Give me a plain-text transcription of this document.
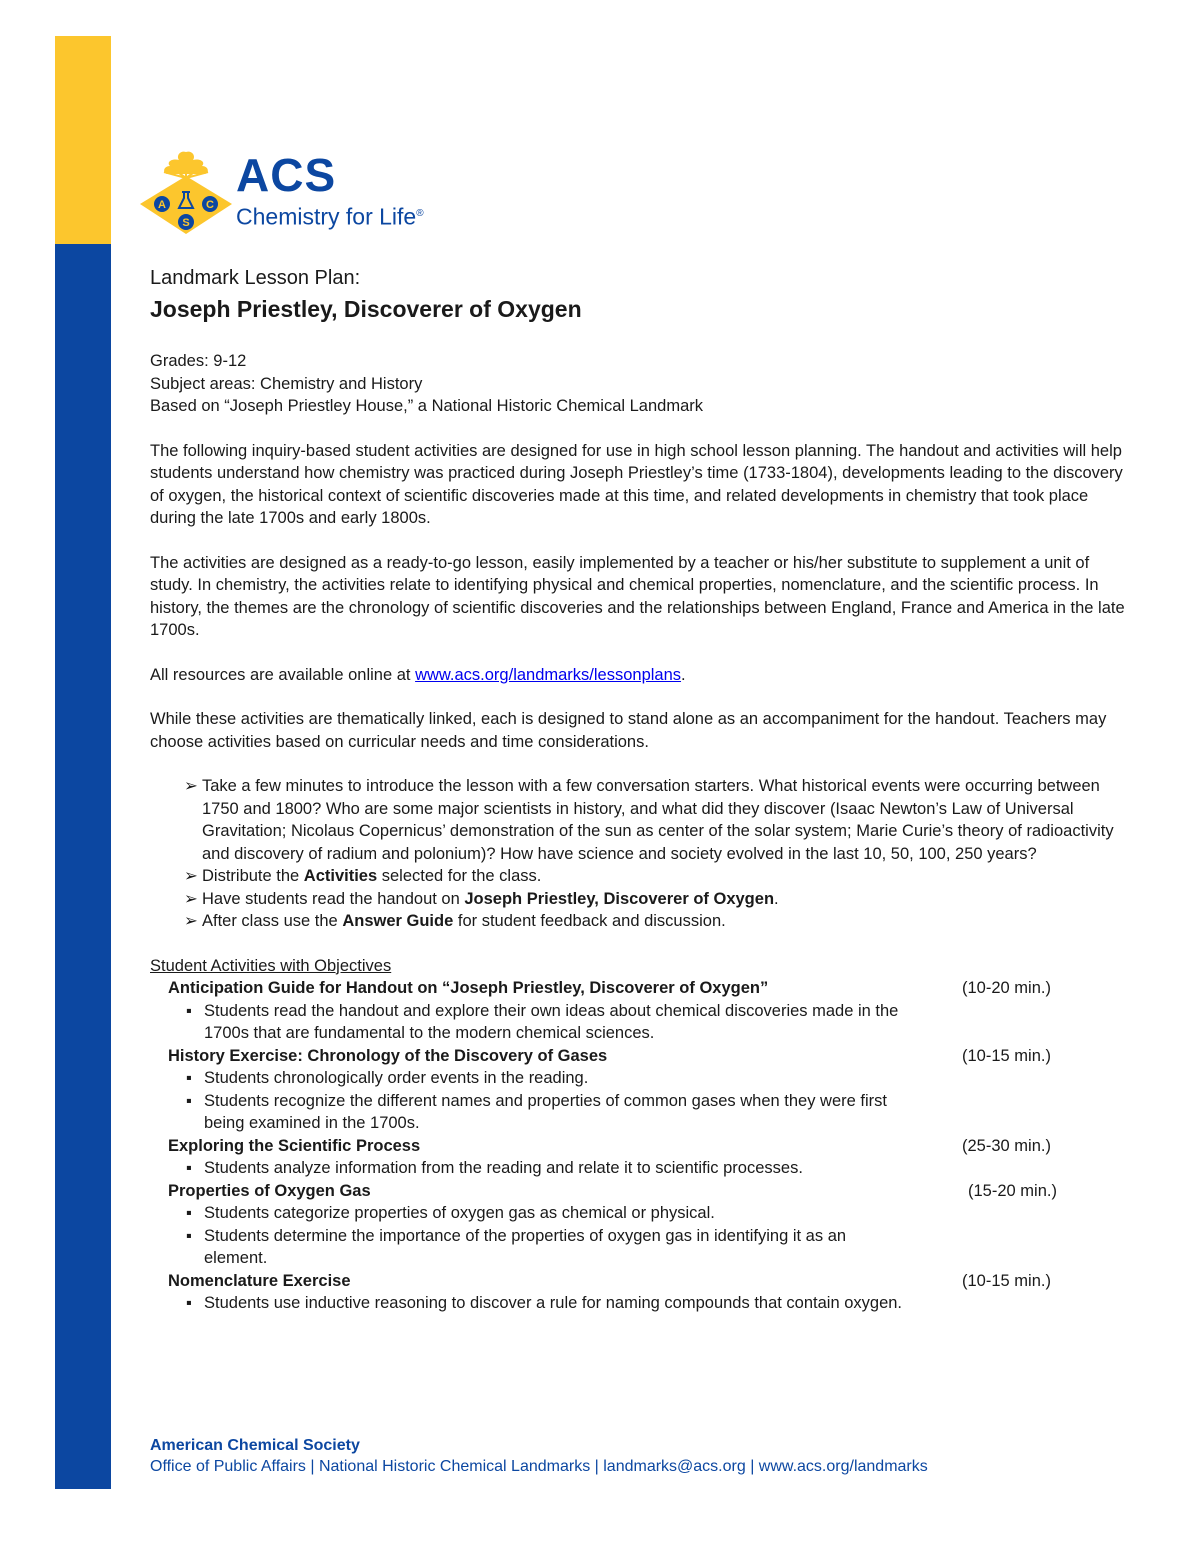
A	C
S
ACS
Chemistry for Life®

Landmark Lesson Plan:

Joseph Priestley, Discoverer of Oxygen

Grades: 9-12

Subject areas: Chemistry and History

Based on “Joseph Priestley House,” a National Historic Chemical Landmark

The following inquiry-based student activities are designed for use in high school lesson planning. The handout and activities will help students understand how chemistry was practiced during Joseph Priestley’s time (1733-1804), developments leading to the discovery of oxygen, the historical context of scientific discoveries made at this time, and related developments in chemistry that took place during the late 1700s and early 1800s.

The activities are designed as a ready-to-go lesson, easily implemented by a teacher or his/her substitute to supplement a unit of study. In chemistry, the activities relate to identifying physical and chemical properties, nomenclature, and the scientific process. In history, the themes are the chronology of scientific discoveries and the relationships between England, France and America in the late 1700s.

All resources are available online at www.acs.org/landmarks/lessonplans.

While these activities are thematically linked, each is designed to stand alone as an accompaniment for the handout. Teachers may choose activities based on curricular needs and time considerations.

➢ Take a few minutes to introduce the lesson with a few conversation starters. What historical events were occurring between 1750 and 1800? Who are some major scientists in history, and what did they discover (Isaac Newton’s Law of Universal Gravitation; Nicolaus Copernicus’ demonstration of the sun as center of the solar system; Marie Curie’s theory of radioactivity and discovery of radium and polonium)? How have science and society evolved in the last 10, 50, 100, 250 years?
➢ Distribute the Activities selected for the class.
➢ Have students read the handout on Joseph Priestley, Discoverer of Oxygen.
➢ After class use the Answer Guide for student feedback and discussion.

Student Activities with Objectives

Anticipation Guide for Handout on “Joseph Priestley, Discoverer of Oxygen”	(10-20 min.)
▪ Students read the handout and explore their own ideas about chemical discoveries made in the 1700s that are fundamental to the modern chemical sciences.
History Exercise: Chronology of the Discovery of Gases	(10-15 min.)
▪ Students chronologically order events in the reading.
▪ Students recognize the different names and properties of common gases when they were first being examined in the 1700s.
Exploring the Scientific Process	(25-30 min.)
▪ Students analyze information from the reading and relate it to scientific processes.
Properties of Oxygen Gas	(15-20 min.)
▪ Students categorize properties of oxygen gas as chemical or physical.
▪ Students determine the importance of the properties of oxygen gas in identifying it as an element.
Nomenclature Exercise	(10-15 min.)
▪ Students use inductive reasoning to discover a rule for naming compounds that contain oxygen.
American Chemical Society
Office of Public Affairs | National Historic Chemical Landmarks | landmarks@acs.org | www.acs.org/landmarks
